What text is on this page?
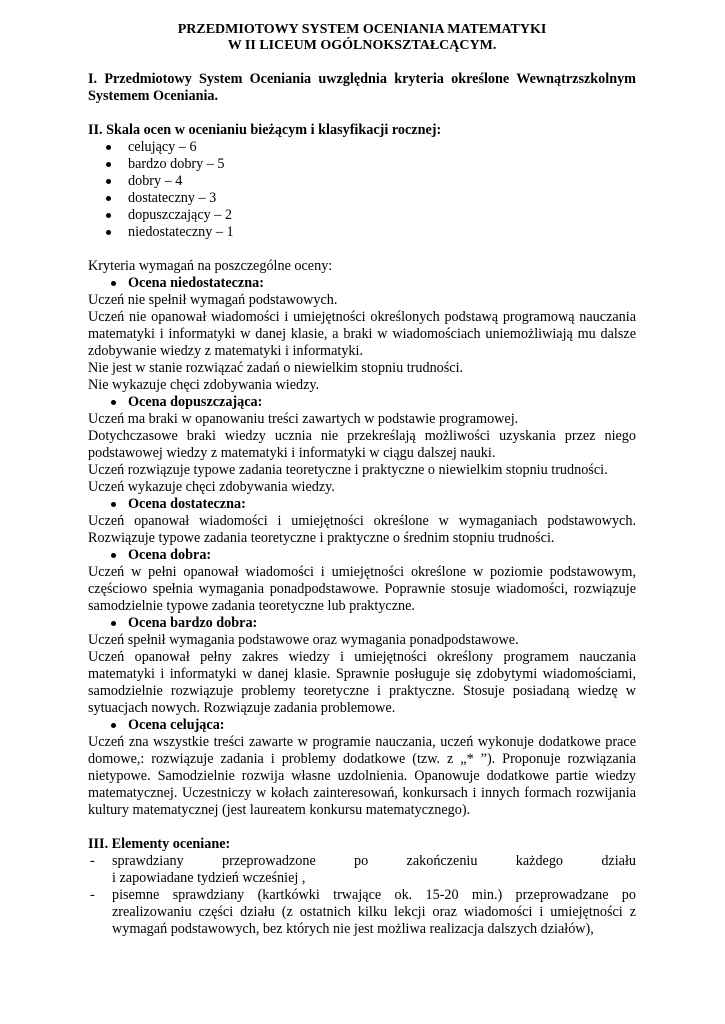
PRZEDMIOTOWY SYSTEM OCENIANIA MATEMATYKI

W II LICEUM OGÓLNOKSZTAŁCĄCYM.

I. Przedmiotowy System Oceniania uwzględnia kryteria określone Wewnątrzszkolnym Systemem Oceniania.

II. Skala ocen w ocenianiu bieżącym i klasyfikacji rocznej:

celujący – 6
bardzo dobry – 5
dobry – 4
dostateczny – 3
dopuszczający – 2
niedostateczny – 1

Kryteria wymagań na poszczególne oceny:

Ocena niedostateczna:

Uczeń nie spełnił wymagań podstawowych.

Uczeń nie opanował wiadomości i umiejętności określonych podstawą programową nauczania matematyki i informatyki w danej klasie, a braki w wiadomościach uniemożliwiają mu dalsze zdobywanie wiedzy z matematyki i informatyki.

Nie jest w stanie rozwiązać zadań o niewielkim stopniu trudności.

Nie wykazuje chęci zdobywania wiedzy.

Ocena dopuszczająca:

Uczeń ma braki w opanowaniu treści zawartych w podstawie programowej.

Dotychczasowe braki wiedzy ucznia nie przekreślają możliwości uzyskania przez niego podstawowej wiedzy z matematyki i informatyki w ciągu dalszej nauki.

Uczeń rozwiązuje typowe zadania teoretyczne i praktyczne o niewielkim stopniu trudności.

Uczeń wykazuje chęci zdobywania wiedzy.

Ocena dostateczna:

Uczeń opanował wiadomości i umiejętności określone w wymaganiach podstawowych. Rozwiązuje typowe zadania teoretyczne i praktyczne o średnim stopniu trudności.

Ocena dobra:

Uczeń w pełni opanował wiadomości i umiejętności określone w poziomie podstawowym, częściowo spełnia wymagania ponadpodstawowe. Poprawnie stosuje wiadomości, rozwiązuje samodzielnie typowe zadania teoretyczne lub praktyczne.

Ocena bardzo dobra:

Uczeń spełnił wymagania podstawowe oraz wymagania ponadpodstawowe.

Uczeń opanował pełny zakres wiedzy i umiejętności określony programem nauczania matematyki i informatyki w danej klasie. Sprawnie posługuje się zdobytymi wiadomościami, samodzielnie rozwiązuje problemy teoretyczne i praktyczne. Stosuje posiadaną wiedzę w sytuacjach nowych. Rozwiązuje zadania problemowe.

Ocena celująca:

Uczeń zna wszystkie treści zawarte w programie nauczania, uczeń wykonuje dodatkowe prace domowe,: rozwiązuje zadania i problemy dodatkowe (tzw. z „* ”). Proponuje rozwiązania nietypowe. Samodzielnie rozwija własne uzdolnienia. Opanowuje dodatkowe partie wiedzy matematycznej. Uczestniczy w kołach zainteresowań, konkursach i innych formach rozwijania kultury matematycznej (jest laureatem konkursu matematycznego).

III. Elementy oceniane:

- sprawdziany przeprowadzone po zakończeniu każdego działu
i zapowiadane tydzień wcześniej ,
- pisemne sprawdziany (kartkówki trwające ok. 15-20 min.) przeprowadzane po zrealizowaniu części działu (z ostatnich kilku lekcji oraz wiadomości i umiejętności z wymagań podstawowych, bez których nie jest możliwa realizacja dalszych działów),
